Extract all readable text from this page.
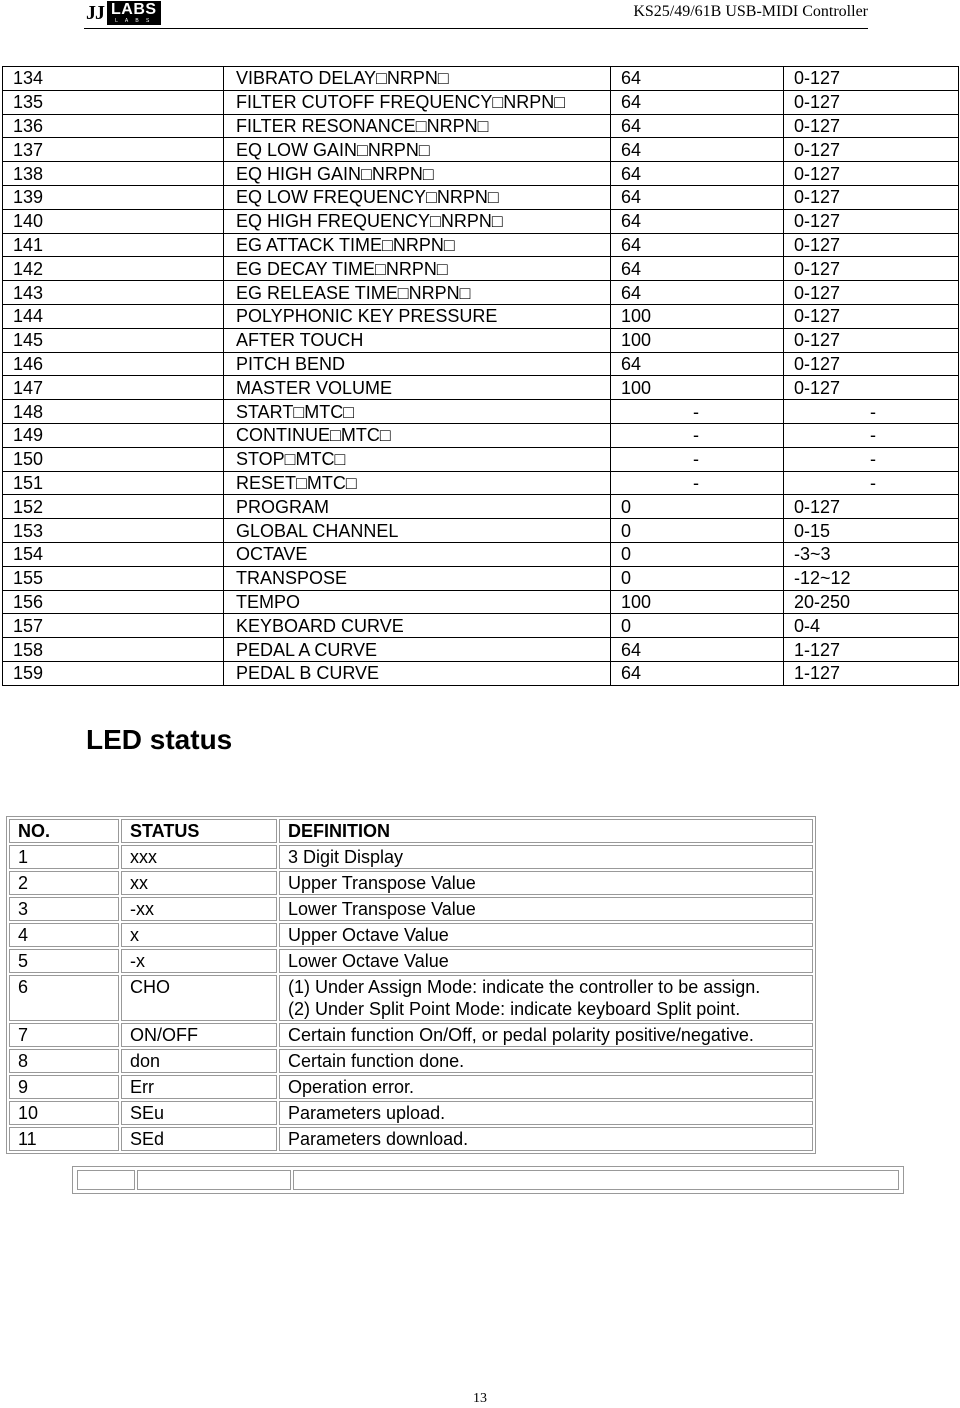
JJ LABS
L A B S
KS25/49/61B USB-MIDI Controller
134	VIBRATO DELAY□NRPN□	64	0-127
135	FILTER CUTOFF FREQUENCY□NRPN□	64	0-127
136	FILTER RESONANCE□NRPN□	64	0-127
137	EQ LOW GAIN□NRPN□	64	0-127
138	EQ HIGH GAIN□NRPN□	64	0-127
139	EQ LOW FREQUENCY□NRPN□	64	0-127
140	EQ HIGH FREQUENCY□NRPN□	64	0-127
141	EG ATTACK TIME□NRPN□	64	0-127
142	EG DECAY TIME□NRPN□	64	0-127
143	EG RELEASE TIME□NRPN□	64	0-127
144	POLYPHONIC KEY PRESSURE	100	0-127
145	AFTER TOUCH	100	0-127
146	PITCH BEND	64	0-127
147	MASTER VOLUME	100	0-127
148	START□MTC□	-	-
149	CONTINUE□MTC□	-	-
150	STOP□MTC□	-	-
151	RESET□MTC□	-	-
152	PROGRAM	0	0-127
153	GLOBAL CHANNEL	0	0-15
154	OCTAVE	0	-3~3
155	TRANSPOSE	0	-12~12
156	TEMPO	100	20-250
157	KEYBOARD CURVE	0	0-4
158	PEDAL A CURVE	64	1-127
159	PEDAL B CURVE	64	1-127
LED status
NO.	STATUS	DEFINITION
1	xxx	3 Digit Display

2	xx	Upper Transpose Value

3	-xx	Lower Transpose Value

4	x	Upper Octave Value

5	-x	Lower Octave Value

6	CHO	(1) Under Assign Mode: indicate the controller to be assign.
(2) Under Split Point Mode: indicate keyboard Split point.

7	ON/OFF	Certain function On/Off, or pedal polarity positive/negative.

8	don	Certain function done.

9	Err	Operation error.

10	SEu	Parameters upload.

11	SEd	Parameters download.
13
